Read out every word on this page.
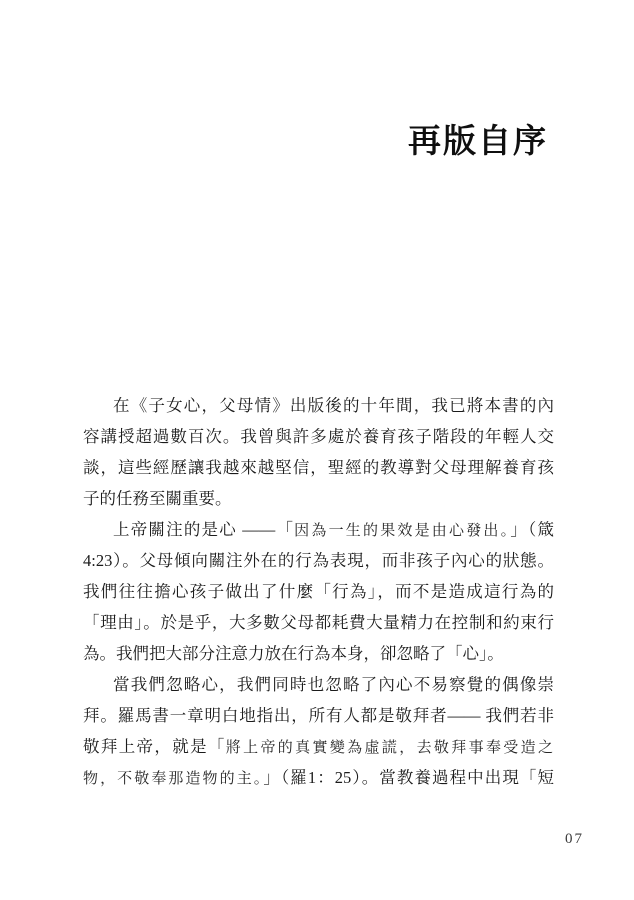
再版自序
在《子女心，父母情》出版後的十年間，我已將本書的內
容講授超過數百次。我曾與許多處於養育孩子階段的年輕人交
談，這些經歷讓我越來越堅信，聖經的教導對父母理解養育孩
子的任務至關重要。
上帝關注的是心 ——「因為一生的果效是由心發出。」（箴
4:23）。父母傾向關注外在的行為表現，而非孩子內心的狀態。
我們往往擔心孩子做出了什麼「行為」，而不是造成這行為的
「理由」。於是乎，大多數父母都耗費大量精力在控制和約束行
為。我們把大部分注意力放在行為本身，卻忽略了「心」。
當我們忽略心，我們同時也忽略了內心不易察覺的偶像崇
拜。羅馬書一章明白地指出，所有人都是敬拜者—— 我們若非
敬拜上帝，就是「將上帝的真實變為虛謊，去敬拜事奉受造之
物，不敬奉那造物的主。」（羅1：25）。當教養過程中出現「短
07
